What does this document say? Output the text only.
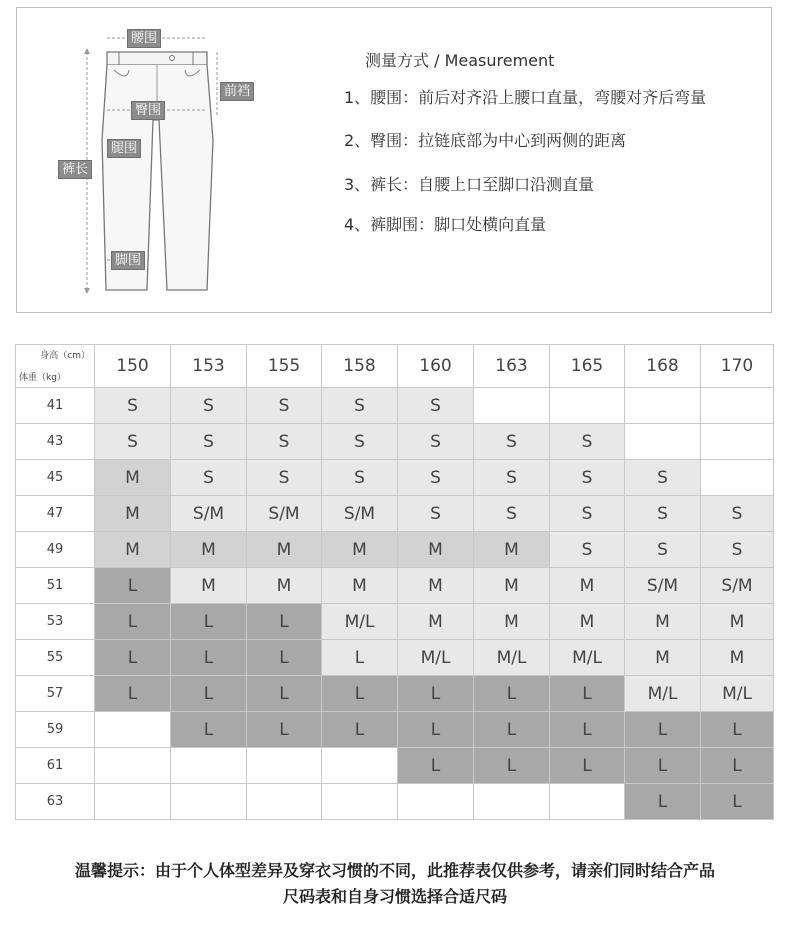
腰围
前裆
臀围
腿围
裤长
脚围
测量方式 / Measurement
1、腰围：前后对齐沿上腰口直量，弯腰对齐后弯量
2、臀围：拉链底部为中心到两侧的距离
3、裤长：自腰上口至脚口沿测直量
4、裤脚围：脚口处横向直量
身高（cm）
体重（kg）	150	153	155	158	160	163	165	168	170
41	S	S	S	S	S				
43	S	S	S	S	S	S	S		
45	M	S	S	S	S	S	S	S	
47	M	S/M	S/M	S/M	S	S	S	S	S
49	M	M	M	M	M	M	S	S	S
51	L	M	M	M	M	M	M	S/M	S/M
53	L	L	L	M/L	M	M	M	M	M
55	L	L	L	L	M/L	M/L	M/L	M	M
57	L	L	L	L	L	L	L	M/L	M/L
59		L	L	L	L	L	L	L	L
61					L	L	L	L	L
63								L	L
温馨提示：由于个人体型差异及穿衣习惯的不同，此推荐表仅供参考，请亲们同时结合产品
尺码表和自身习惯选择合适尺码
